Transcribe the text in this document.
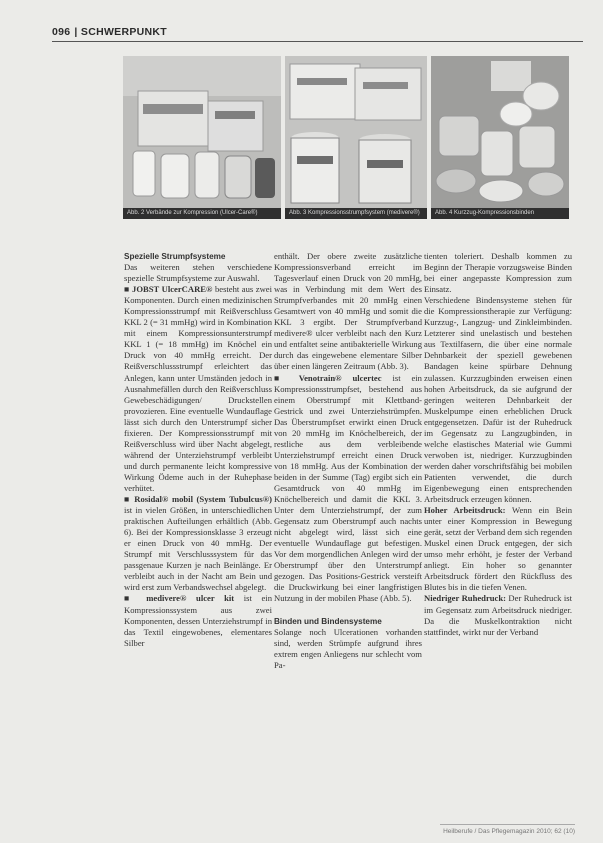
096 | SCHWERPUNKT
Abb. 2 Verbände zur Kompression (Ulcer-Care®)	Abb. 3 Kompressionsstrumpfsystem (medivere®)	Abb. 4 Kurzzug-Kompressionsbinden

Spezielle Strumpfsysteme

Das weiteren stehen verschiedene spezielle Strumpfsysteme zur Auswahl.

■ JOBST UlcerCARE® besteht aus zwei Komponenten. Durch einen medizinischen Kompressionsstrumpf mit Reißverschluss KKL 2 (= 31 mmHg) wird in Kombination mit einem Kompressionsunterstrumpf KKL 1 (= 18 mmHg) im Knöchel ein Druck von 40 mmHg erreicht. Der Reißverschlussstrumpf erleichtert das Anlegen, kann unter Umständen jedoch in Ausnahmefällen durch den Reißverschluss Gewebeschädigungen/ Druckstellen provozieren. Eine eventuelle Wundauflage lässt sich durch den Unterstrumpf sicher fixieren. Der Kompressionsstrumpf mit Reißverschluss wird über Nacht abgelegt, während der Unterziehstrumpf verbleibt und durch permanente leicht kompressive Wirkung Ödeme auch in der Ruhephase verhütet.

■ Rosidal® mobil (System Tubulcus®) ist in vielen Größen, in unterschiedlichen praktischen Aufteilungen erhältlich (Abb. 6). Bei der Kompressionsklasse 3 erzeugt er einen Druck von 40 mmHg. Der Strumpf mit Verschlusssystem für das passgenaue Kurzen je nach Beinlänge. Er verbleibt auch in der Nacht am Bein und wird erst zum Verbandswechsel abgelegt.

■ medivere® ulcer kit ist ein Kompressionssystem aus zwei Komponenten, dessen Unterziehstrumpf in das Textil eingewobenes, elementares Silber

enthält. Der obere zweite zusätzliche Kompressionsverband erreicht im Tagesverlauf einen Druck von 20 mmHg, was in Verbindung mit dem Wert des Strumpfverbandes mit 20 mmHg einen Gesamtwert von 40 mmHg und somit die KKL 3 ergibt. Der Strumpfverband medivere® ulcer verbleibt nach den Kurz und entfaltet seine antibakterielle Wirkung durch das eingewebene elementare Silber über einen längeren Zeitraum (Abb. 3).

■ Venotrain® ulcertec ist ein Kompressionsstrumpfset, bestehend aus einem Oberstrumpf mit Klettband-Gestrick und zwei Unterziehstrümpfen. Das Überstrumpfset erwirkt einen Druck von 20 mmHg im Knöchelbereich, der restliche aus dem verbleibende Unterziehstrumpf erreicht einen Druck von 18 mmHg. Aus der Kombination der beiden in der Summe (Tag) ergibt sich ein Gesamtdruck von 40 mmHg im Knöchelbereich und damit die KKL 3. Unter dem Unterziehstrumpf, der zum Gegensatz zum Oberstrumpf auch nachts nicht abgelegt wird, lässt sich eine eventuelle Wundauflage gut befestigen. Vor dem morgendlichen Anlegen wird der Oberstrumpf über den Unterstrumpf gezogen. Das Positions-Gestrick versteift die Druckwirkung bei einer langfristigen Nutzung in der mobilen Phase (Abb. 5).

Binden und Bindensysteme

Solange noch Ulcerationen vorhanden sind, werden Strümpfe aufgrund ihres extrem engen Anliegens nur schlecht vom Pa-

tienten toleriert. Deshalb kommen zu Beginn der Therapie vorzugsweise Binden bei einer angepasste Kompression zum Einsatz.

Verschiedene Bindensysteme stehen für die Kompressionstherapie zur Verfügung: Kurzzug-, Langzug- und Zinkleimbinden. Letzterer sind unelastisch und bestehen aus Textilfasern, die über eine normale Dehnbarkeit der speziell gewebenen Bandagen keine spürbare Dehnung zulassen. Kurzzugbinden erweisen einen hohen Arbeitsdruck, da sie aufgrund der geringen weiteren Dehnbarkeit der Muskelpumpe einen erheblichen Druck entgegensetzen. Dafür ist der Ruhedruck im Gegensatz zu Langzugbinden, in welche elastisches Material wie Gummi verwoben ist, niedriger. Kurzzugbinden werden daher vorschriftsfähig bei mobilen Patienten verwendet, die durch Eigenbewegung einen entsprechenden Arbeitsdruck erzeugen können.

Hoher Arbeitsdruck: Wenn ein Bein unter einer Kompression in Bewegung gerät, setzt der Verband dem sich regenden Muskel einen Druck entgegen, der sich umso mehr erhöht, je fester der Verband anliegt. Ein hoher so genannter Arbeitsdruck fördert den Rückfluss des Blutes bis in die tiefen Venen.

Niedriger Ruhedruck: Der Ruhedruck ist im Gegensatz zum Arbeitsdruck niedriger. Da die Muskelkontraktion nicht stattfindet, wirkt nur der Verband

Heilberufe / Das Pflegemagazin 2010; 62 (10)
